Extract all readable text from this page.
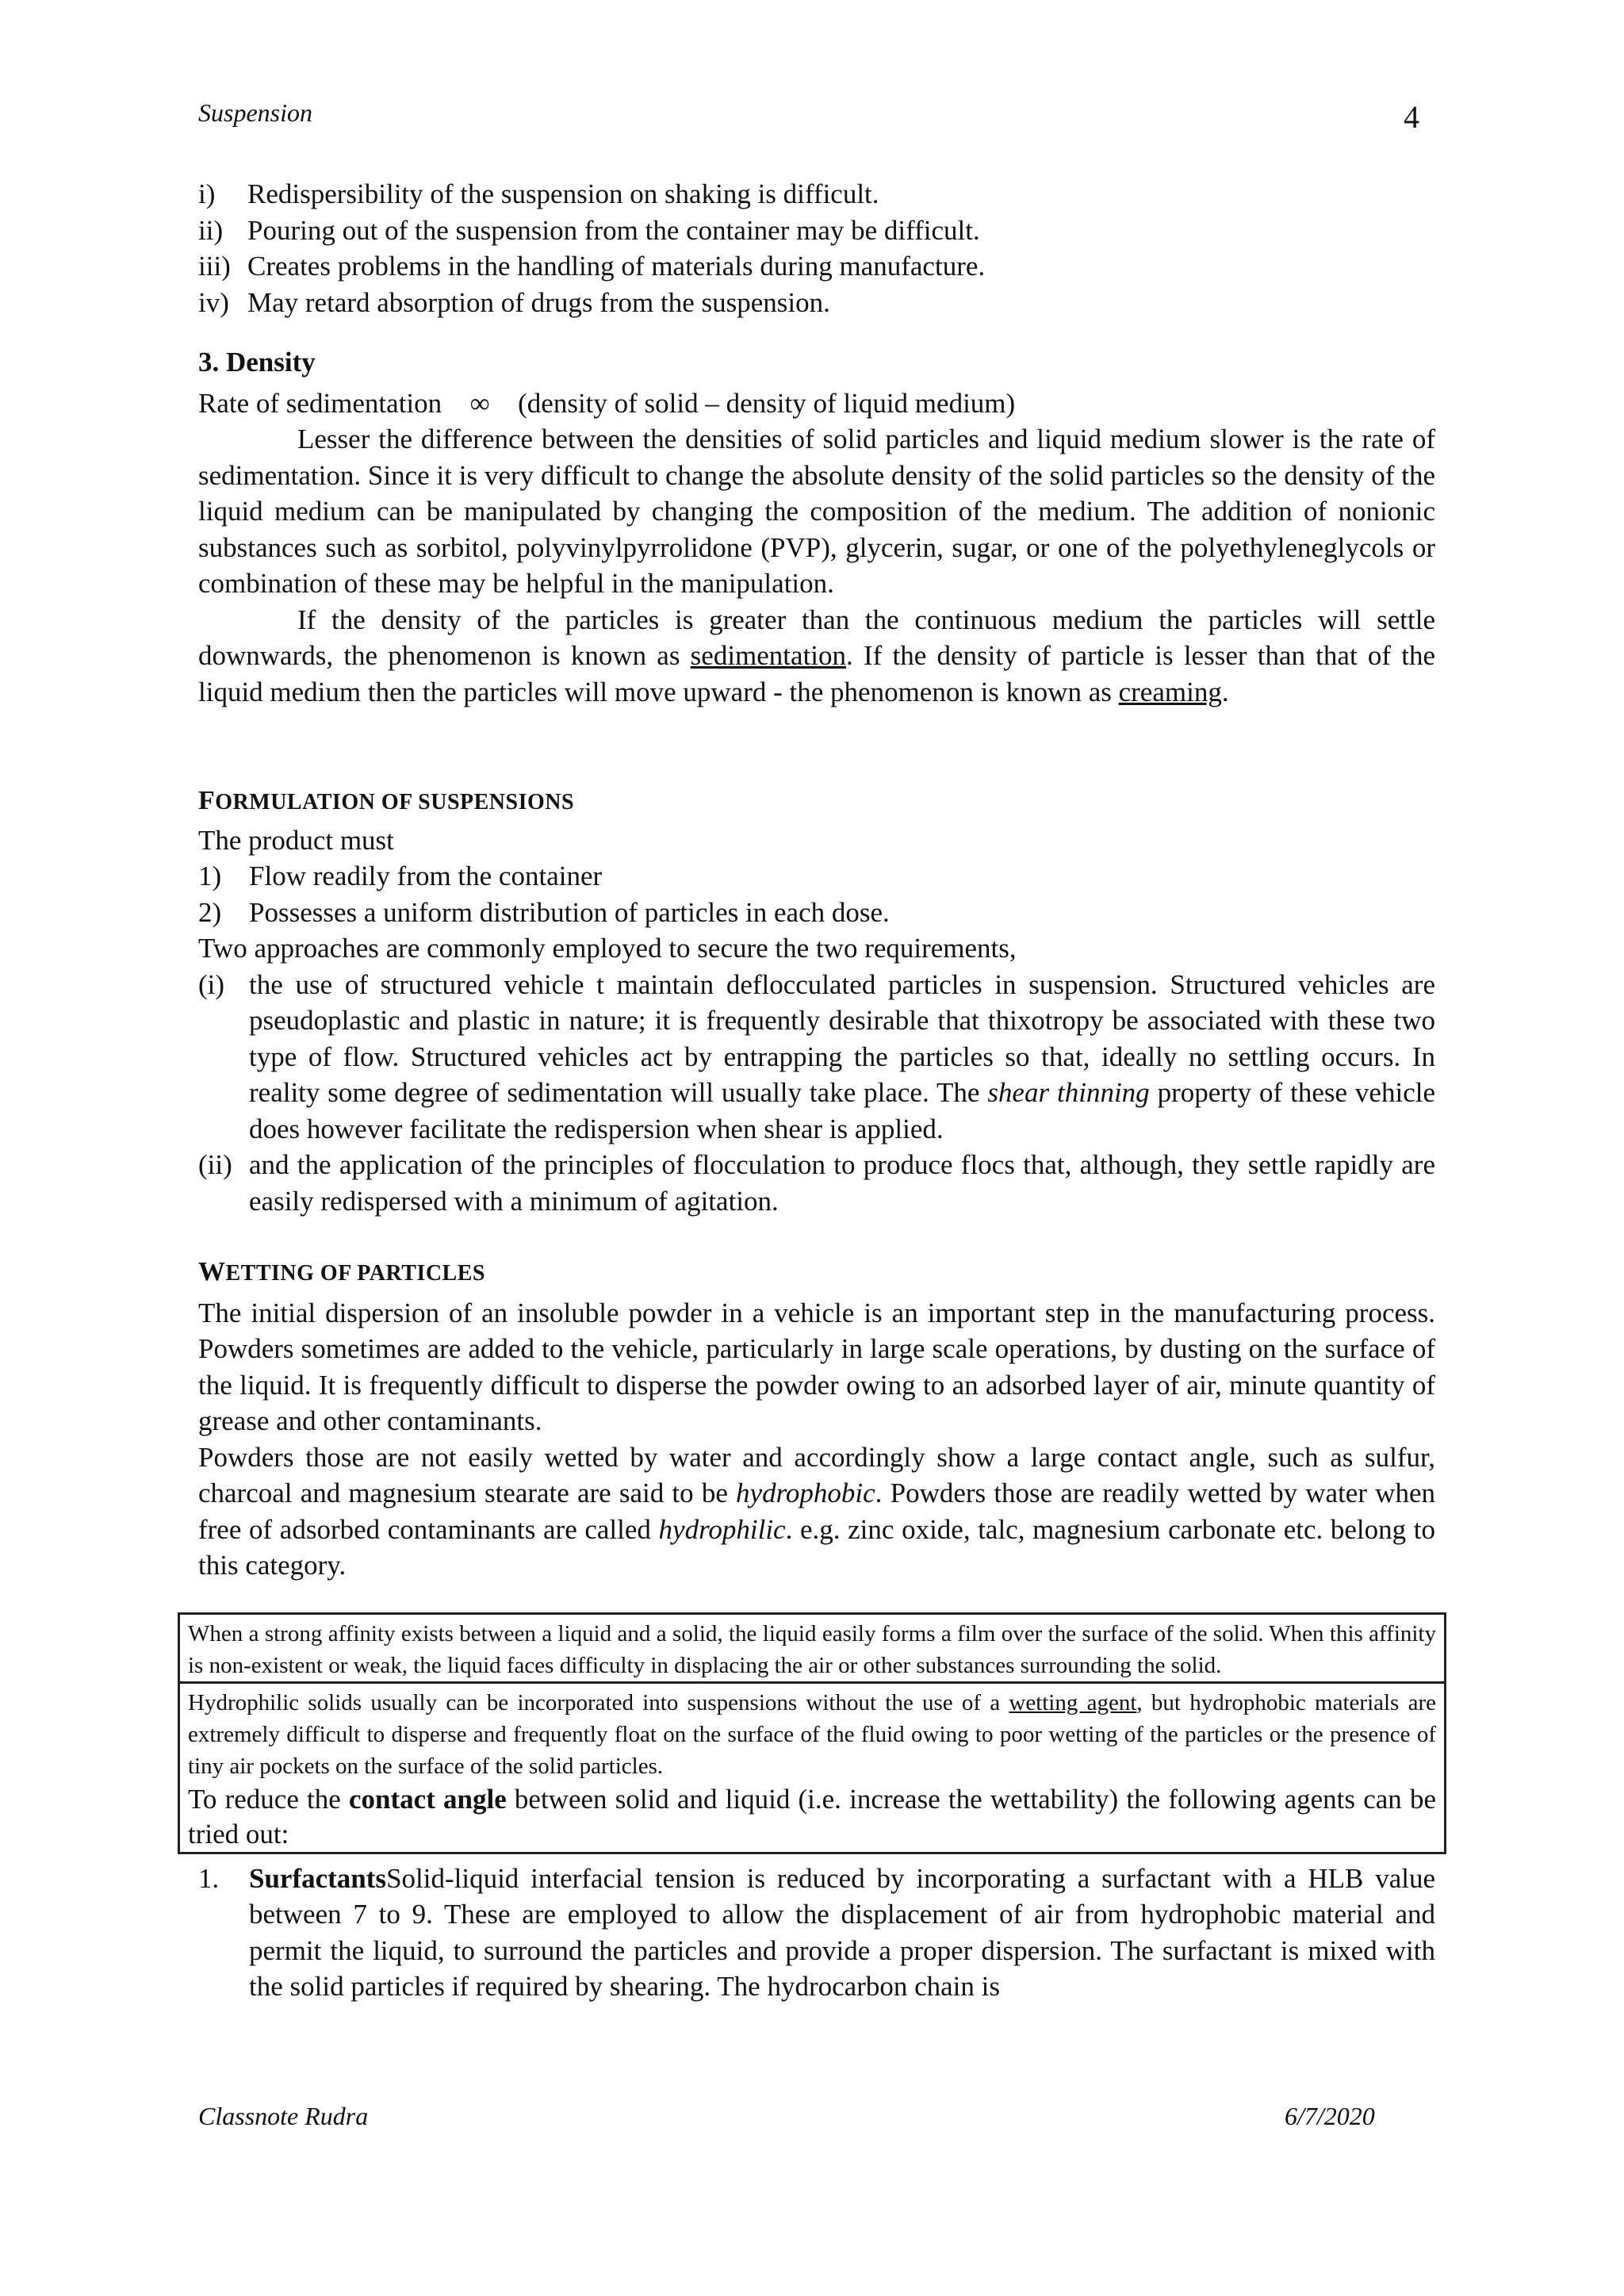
Suspension	4
i) Redispersibility of the suspension on shaking is difficult.
ii) Pouring out of the suspension from the container may be difficult.
iii) Creates problems in the handling of materials during manufacture.
iv) May retard absorption of drugs from the suspension.
3. Density
Rate of sedimentation ∞ (density of solid – density of liquid medium)
Lesser the difference between the densities of solid particles and liquid medium slower is the rate of sedimentation. Since it is very difficult to change the absolute density of the solid particles so the density of the liquid medium can be manipulated by changing the composition of the medium. The addition of nonionic substances such as sorbitol, polyvinylpyrrolidone (PVP), glycerin, sugar, or one of the polyethyleneglycols or combination of these may be helpful in the manipulation.
If the density of the particles is greater than the continuous medium the particles will settle downwards, the phenomenon is known as sedimentation. If the density of particle is lesser than that of the liquid medium then the particles will move upward - the phenomenon is known as creaming.
FORMULATION OF SUSPENSIONS
The product must
1) Flow readily from the container
2) Possesses a uniform distribution of particles in each dose.
Two approaches are commonly employed to secure the two requirements,
(i) the use of structured vehicle t maintain deflocculated particles in suspension. Structured vehicles are pseudoplastic and plastic in nature; it is frequently desirable that thixotropy be associated with these two type of flow. Structured vehicles act by entrapping the particles so that, ideally no settling occurs. In reality some degree of sedimentation will usually take place. The shear thinning property of these vehicle does however facilitate the redispersion when shear is applied.
(ii) and the application of the principles of flocculation to produce flocs that, although, they settle rapidly are easily redispersed with a minimum of agitation.
WETTING OF PARTICLES
The initial dispersion of an insoluble powder in a vehicle is an important step in the manufacturing process. Powders sometimes are added to the vehicle, particularly in large scale operations, by dusting on the surface of the liquid. It is frequently difficult to disperse the powder owing to an adsorbed layer of air, minute quantity of grease and other contaminants.
Powders those are not easily wetted by water and accordingly show a large contact angle, such as sulfur, charcoal and magnesium stearate are said to be hydrophobic. Powders those are readily wetted by water when free of adsorbed contaminants are called hydrophilic. e.g. zinc oxide, talc, magnesium carbonate etc. belong to this category.
When a strong affinity exists between a liquid and a solid, the liquid easily forms a film over the surface of the solid. When this affinity is non-existent or weak, the liquid faces difficulty in displacing the air or other substances surrounding the solid.
Hydrophilic solids usually can be incorporated into suspensions without the use of a wetting agent, but hydrophobic materials are extremely difficult to disperse and frequently float on the surface of the fluid owing to poor wetting of the particles or the presence of tiny air pockets on the surface of the solid particles.
To reduce the contact angle between solid and liquid (i.e. increase the wettability) the following agents can be tried out:
1. SurfactantsSolid-liquid interfacial tension is reduced by incorporating a surfactant with a HLB value between 7 to 9. These are employed to allow the displacement of air from hydrophobic material and permit the liquid, to surround the particles and provide a proper dispersion. The surfactant is mixed with the solid particles if required by shearing. The hydrocarbon chain is
Classnote Rudra	6/7/2020
